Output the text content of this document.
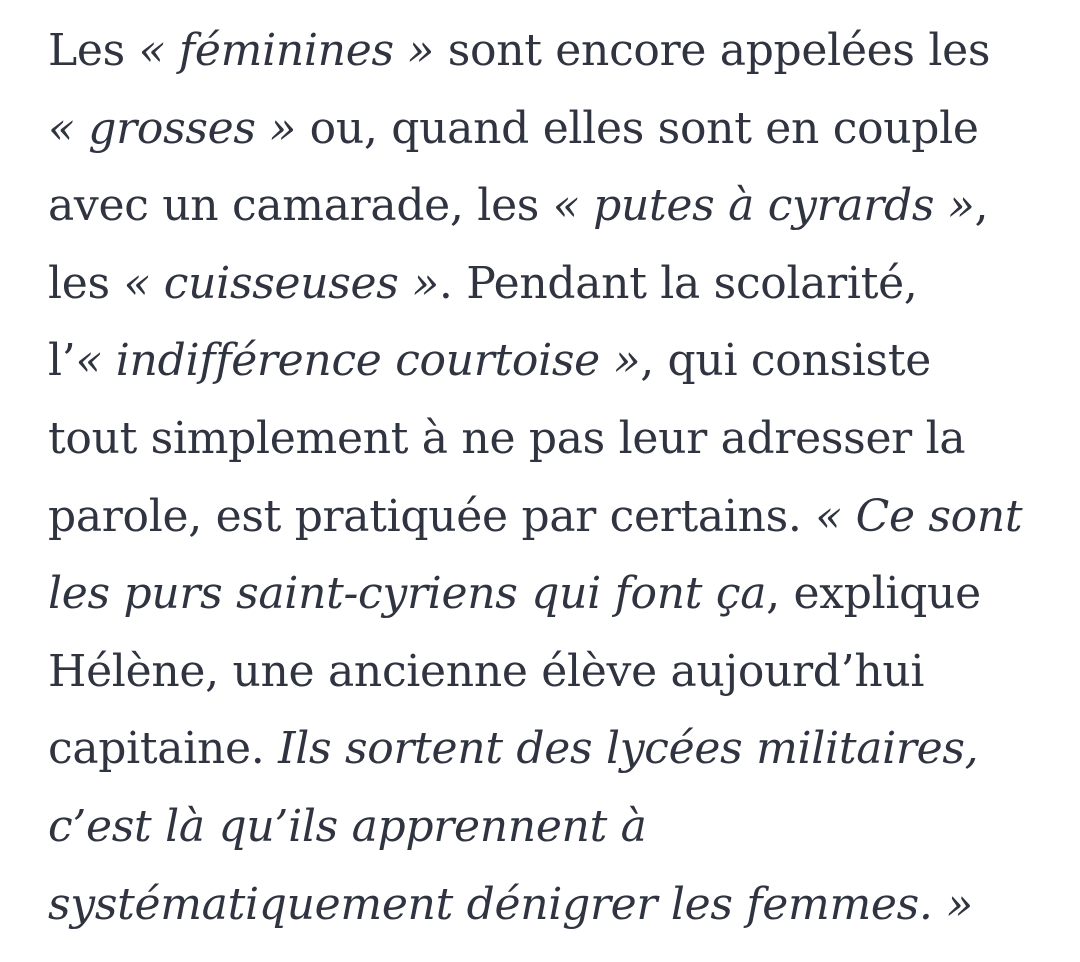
Les « féminines » sont encore appelées les
« grosses » ou, quand elles sont en couple
avec un camarade, les « putes à cyrards »,
les « cuisseuses ». Pendant la scolarité,
l’« indifférence courtoise », qui consiste
tout simplement à ne pas leur adresser la
parole, est pratiquée par certains. « Ce sont
les purs saint-cyriens qui font ça, explique
Hélène, une ancienne élève aujourd’hui
capitaine. Ils sortent des lycées militaires,
c’est là qu’ils apprennent à
systématiquement dénigrer les femmes. »
